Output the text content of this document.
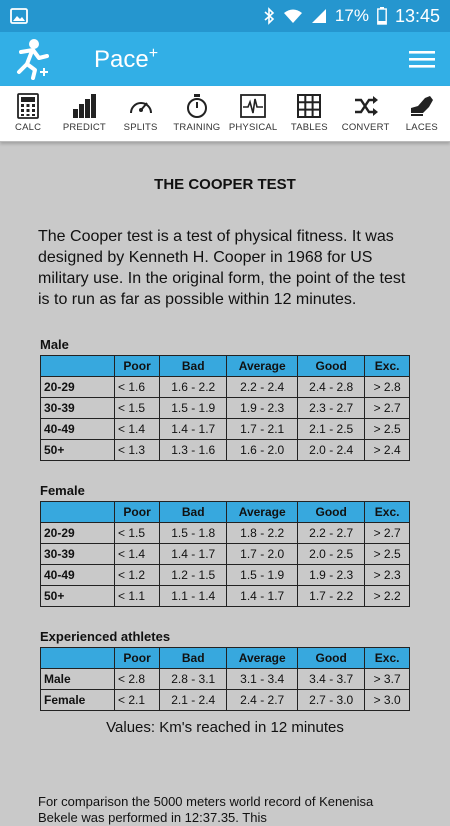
17% 13:45
Pace+
CALC PREDICT SPLITS TRAINING PHYSICAL TABLES CONVERT LACES
THE COOPER TEST

The Cooper test is a test of physical fitness. It was designed by Kenneth H. Cooper in 1968 for US military use. In the original form, the point of the test is to run as far as possible within 12 minutes.

Male
	Poor	Bad	Average	Good	Exc.
20-29	< 1.6	1.6 - 2.2	2.2 - 2.4	2.4 - 2.8	> 2.8
30-39	< 1.5	1.5 - 1.9	1.9 - 2.3	2.3 - 2.7	> 2.7
40-49	< 1.4	1.4 - 1.7	1.7 - 2.1	2.1 - 2.5	> 2.5
50+	< 1.3	1.3 - 1.6	1.6 - 2.0	2.0 - 2.4	> 2.4
Female
	Poor	Bad	Average	Good	Exc.
20-29	< 1.5	1.5 - 1.8	1.8 - 2.2	2.2 - 2.7	> 2.7
30-39	< 1.4	1.4 - 1.7	1.7 - 2.0	2.0 - 2.5	> 2.5
40-49	< 1.2	1.2 - 1.5	1.5 - 1.9	1.9 - 2.3	> 2.3
50+	< 1.1	1.1 - 1.4	1.4 - 1.7	1.7 - 2.2	> 2.2
Experienced athletes
	Poor	Bad	Average	Good	Exc.
Male	< 2.8	2.8 - 3.1	3.1 - 3.4	3.4 - 3.7	> 3.7
Female	< 2.1	2.1 - 2.4	2.4 - 2.7	2.7 - 3.0	> 3.0
Values: Km's reached in 12 minutes

For comparison the 5000 meters world record of Kenenisa Bekele was performed in 12:37.35. This
